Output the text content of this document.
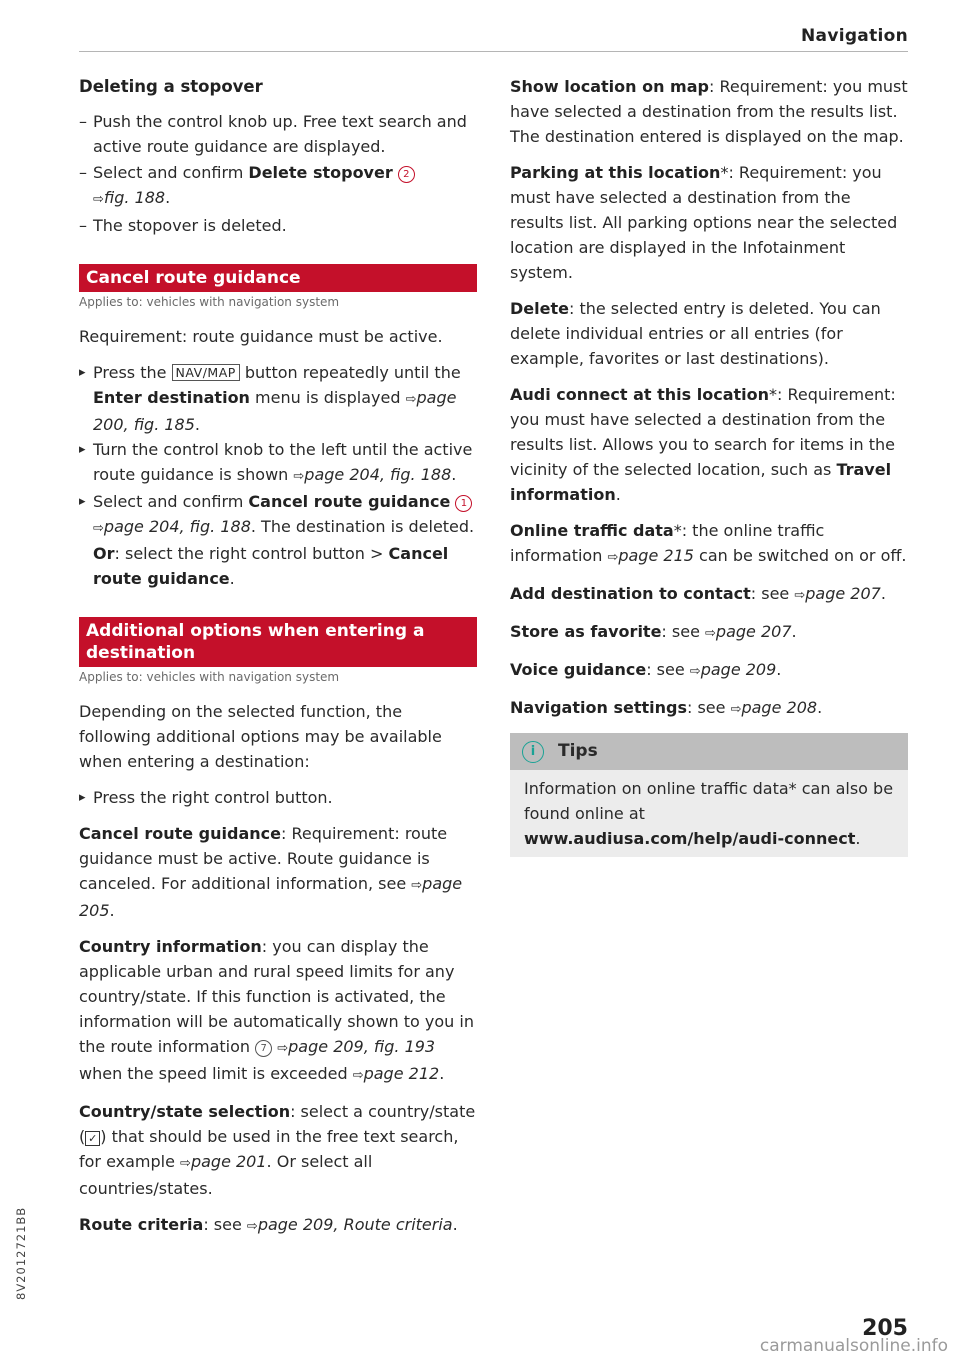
Navigation
Deleting a stopover
– Push the control knob up. Free text search and active route guidance are displayed.
– Select and confirm Delete stopover 2
⇨fig. 188.
– The stopover is deleted.
Cancel route guidance
Applies to: vehicles with navigation system

Requirement: route guidance must be active.

▸ Press the NAV/MAP button repeatedly until the Enter destination menu is displayed ⇨page 200, fig. 185.
▸ Turn the control knob to the left until the active route guidance is shown ⇨page 204, fig. 188.
▸ Select and confirm Cancel route guidance 1 ⇨page 204, fig. 188. The destination is deleted. Or: select the right control button > Cancel route guidance.
Additional options when entering a destination
Applies to: vehicles with navigation system

Depending on the selected function, the following additional options may be available when entering a destination:

▸ Press the right control button.

Cancel route guidance: Requirement: route guidance must be active. Route guidance is canceled. For additional information, see ⇨page 205.

Country information: you can display the applicable urban and rural speed limits for any country/state. If this function is activated, the information will be automatically shown to you in the route information 7 ⇨page 209, fig. 193 when the speed limit is exceeded ⇨page 212.

Country/state selection: select a country/state ( ✓ ) that should be used in the free text search, for example ⇨page 201. Or select all countries/states.

Route criteria: see ⇨page 209, Route criteria.

Show location on map: Requirement: you must have selected a destination from the results list. The destination entered is displayed on the map.

Parking at this location*: Requirement: you must have selected a destination from the results list. All parking options near the selected location are displayed in the Infotainment system.

Delete: the selected entry is deleted. You can delete individual entries or all entries (for example, favorites or last destinations).

Audi connect at this location*: Requirement: you must have selected a destination from the results list. Allows you to search for items in the vicinity of the selected location, such as Travel information.

Online traffic data*: the online traffic information ⇨page 215 can be switched on or off.

Add destination to contact: see ⇨page 207.

Store as favorite: see ⇨page 207.

Voice guidance: see ⇨page 209.

Navigation settings: see ⇨page 208.

i Tips
Information on online traffic data* can also be found online at www.audiusa.com/help/audi-connect.
8V2012721BB
205
carmanualsonline.info
